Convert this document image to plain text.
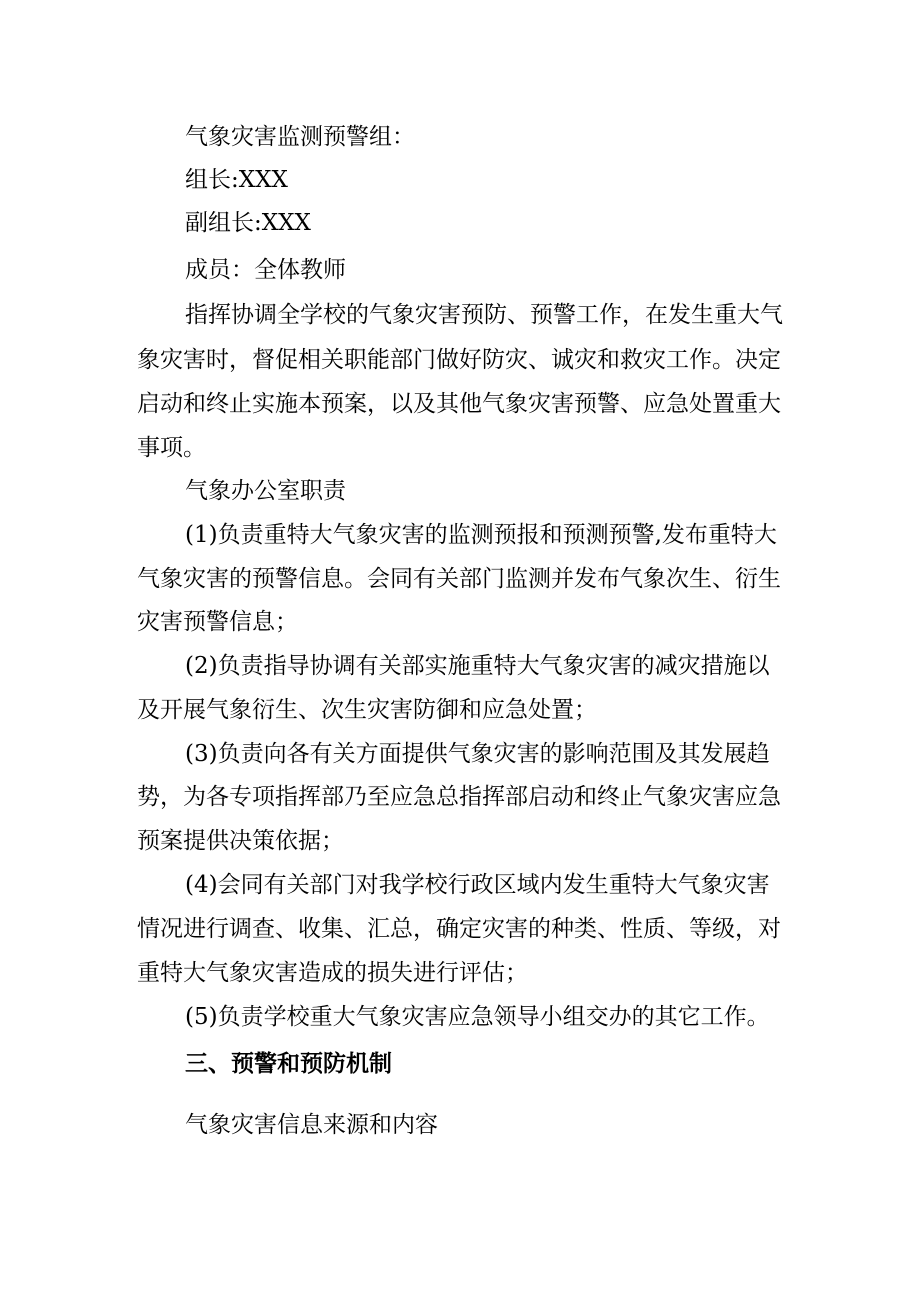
气象灾害监测预警组：
组长:XXX
副组长:XXX
成员：全体教师
指挥协调全学校的气象灾害预防、预警工作，在发生重大气
象灾害时，督促相关职能部门做好防灾、诚灾和救灾工作。决定
启动和终止实施本预案，以及其他气象灾害预警、应急处置重大
事项。
气象办公室职责
(1)负责重特大气象灾害的监测预报和预测预警,发布重特大
气象灾害的预警信息。会同有关部门监测并发布气象次生、衍生
灾害预警信息；
(2)负责指导协调有关部实施重特大气象灾害的减灾措施以
及开展气象衍生、次生灾害防御和应急处置；
(3)负责向各有关方面提供气象灾害的影响范围及其发展趋
势，为各专项指挥部乃至应急总指挥部启动和终止气象灾害应急
预案提供决策依据；
(4)会同有关部门对我学校行政区域内发生重特大气象灾害
情况进行调查、收集、汇总，确定灾害的种类、性质、等级，对
重特大气象灾害造成的损失进行评估；
(5)负责学校重大气象灾害应急领导小组交办的其它工作。
三、预警和预防机制
气象灾害信息来源和内容
